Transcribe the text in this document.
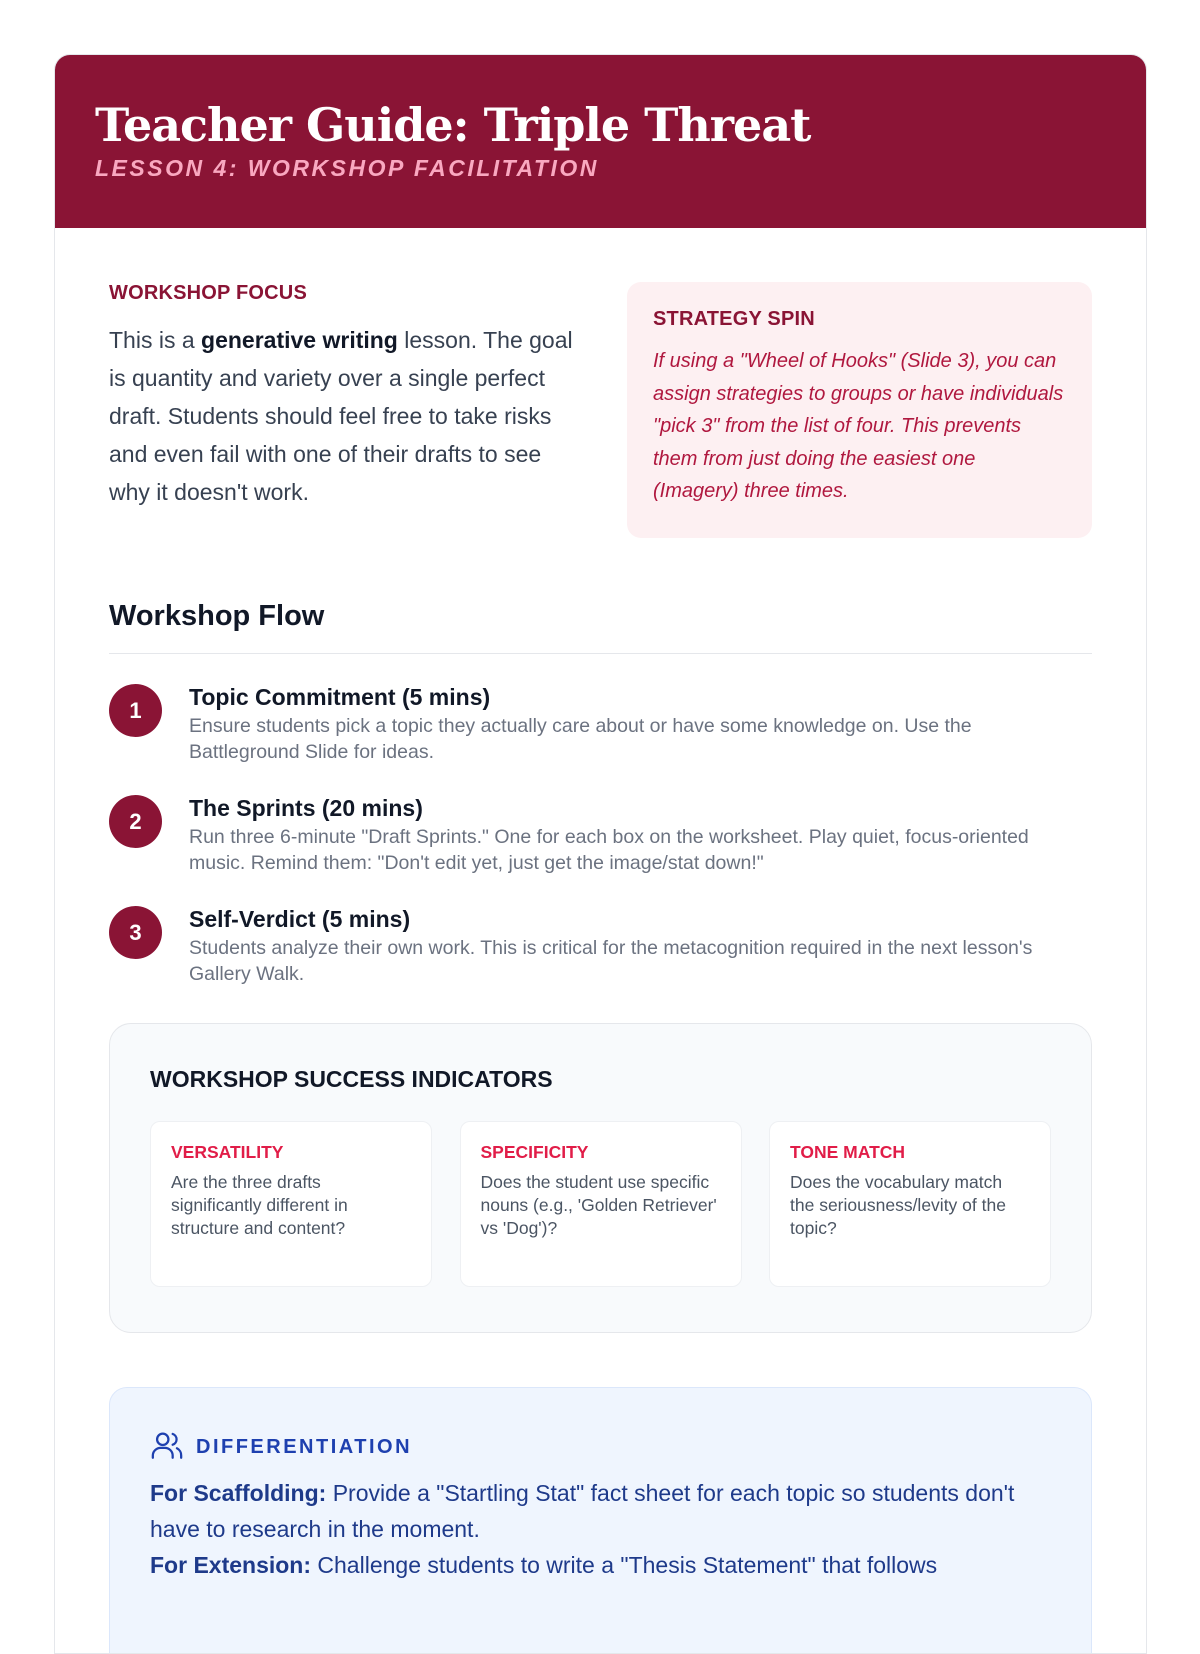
Teacher Guide: Triple Threat
LESSON 4: WORKSHOP FACILITATION
WORKSHOP FOCUS

This is a generative writing lesson. The goal is quantity and variety over a single perfect draft. Students should feel free to take risks and even fail with one of their drafts to see why it doesn't work.

STRATEGY SPIN

If using a "Wheel of Hooks" (Slide 3), you can assign strategies to groups or have individuals "pick 3" from the list of four. This prevents them from just doing the easiest one (Imagery) three times.

Workshop Flow
1	Topic Commitment (5 mins)
Ensure students pick a topic they actually care about or have some knowledge on. Use the Battleground Slide for ideas.
2	The Sprints (20 mins)
Run three 6-minute "Draft Sprints." One for each box on the worksheet. Play quiet, focus-oriented music. Remind them: "Don't edit yet, just get the image/stat down!"
3	Self-Verdict (5 mins)
Students analyze their own work. This is critical for the metacognition required in the next lesson's Gallery Walk.
WORKSHOP SUCCESS INDICATORS
VERSATILITY
Are the three drafts significantly different in structure and content?
SPECIFICITY
Does the student use specific nouns (e.g., 'Golden Retriever' vs 'Dog')?
TONE MATCH
Does the vocabulary match the seriousness/levity of the topic?
DIFFERENTIATION

For Scaffolding: Provide a "Startling Stat" fact sheet for each topic so students don't have to research in the moment.

For Extension: Challenge students to write a "Thesis Statement" that follows
